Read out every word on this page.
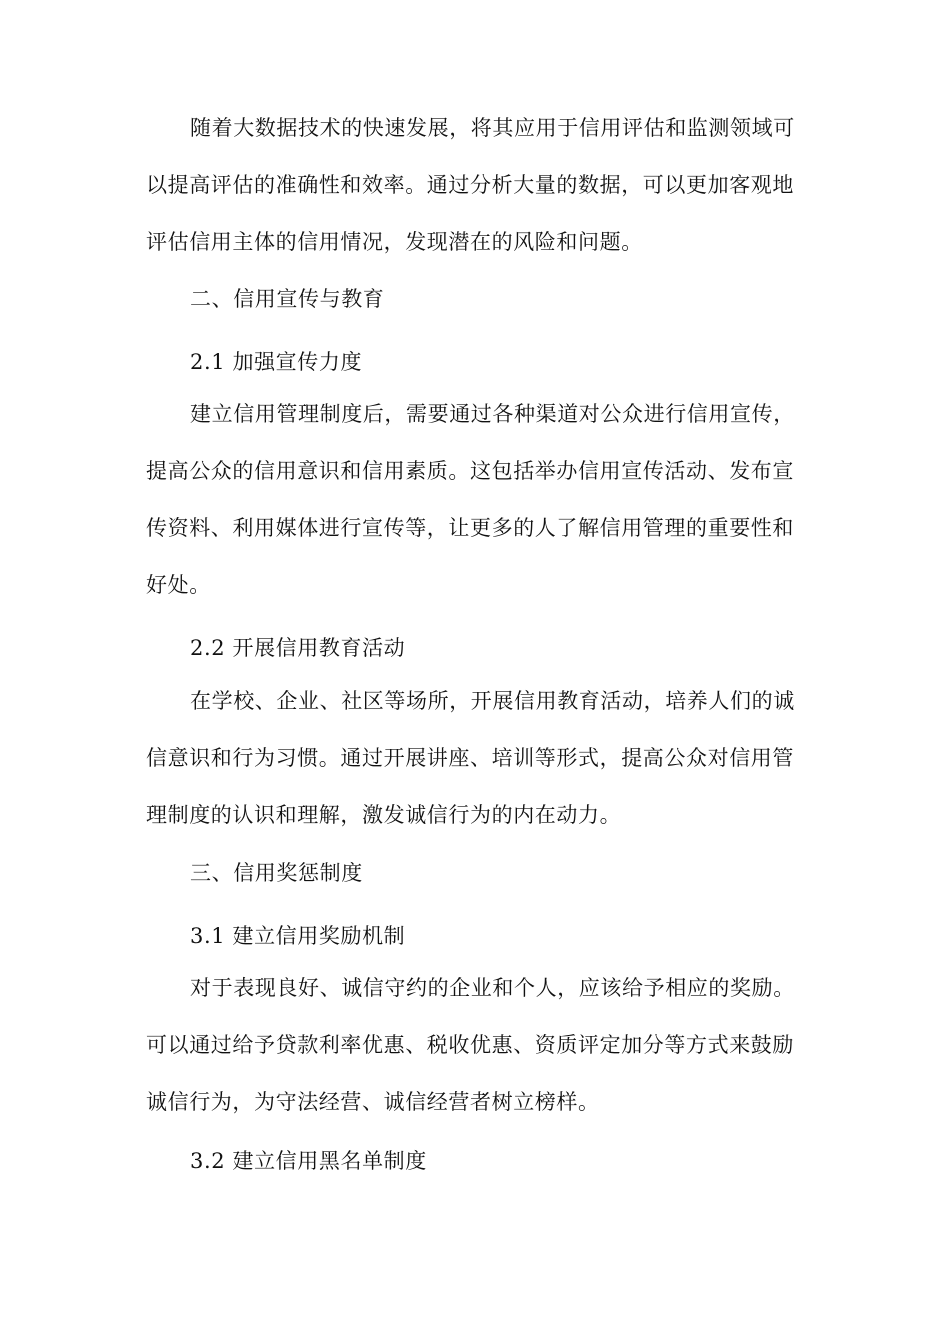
随着大数据技术的快速发展，将其应用于信用评估和监测领域可以提高评估的准确性和效率。通过分析大量的数据，可以更加客观地评估信用主体的信用情况，发现潜在的风险和问题。

二、信用宣传与教育

2.1 加强宣传力度

建立信用管理制度后，需要通过各种渠道对公众进行信用宣传，提高公众的信用意识和信用素质。这包括举办信用宣传活动、发布宣传资料、利用媒体进行宣传等，让更多的人了解信用管理的重要性和好处。

2.2 开展信用教育活动

在学校、企业、社区等场所，开展信用教育活动，培养人们的诚信意识和行为习惯。通过开展讲座、培训等形式，提高公众对信用管理制度的认识和理解，激发诚信行为的内在动力。

三、信用奖惩制度

3.1 建立信用奖励机制

对于表现良好、诚信守约的企业和个人，应该给予相应的奖励。可以通过给予贷款利率优惠、税收优惠、资质评定加分等方式来鼓励诚信行为，为守法经营、诚信经营者树立榜样。

3.2 建立信用黑名单制度
